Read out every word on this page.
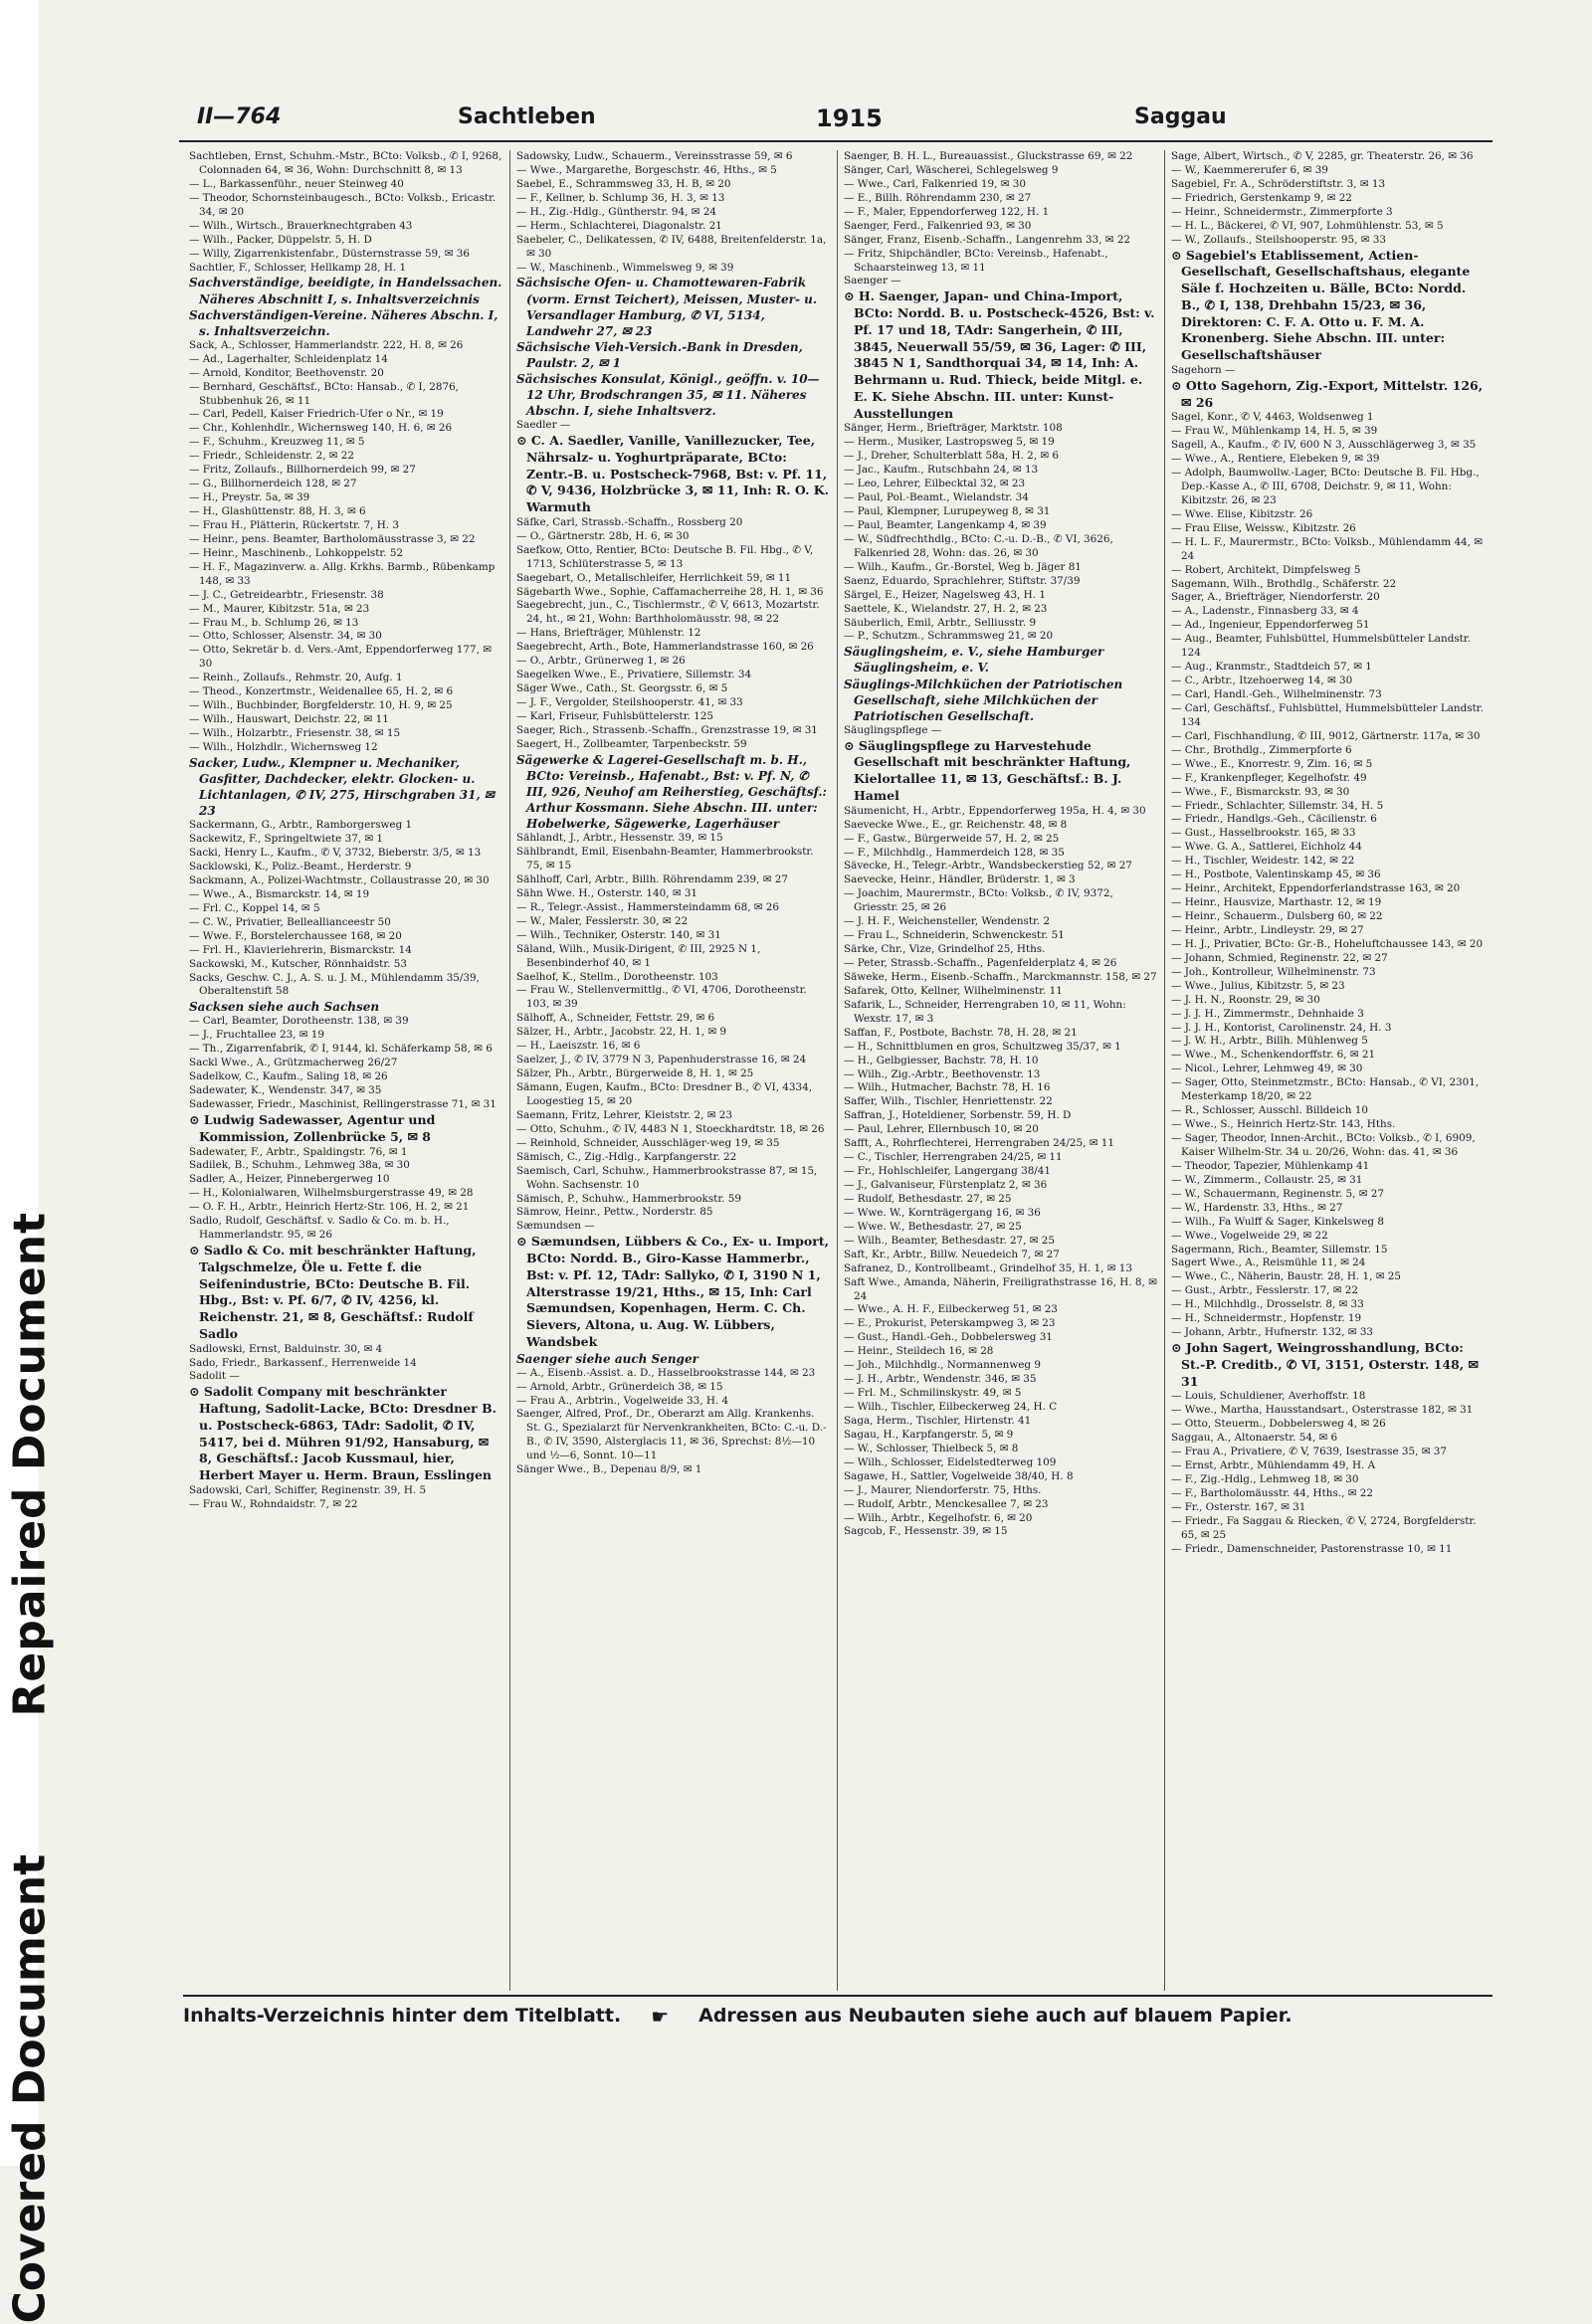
Repaired Document
Covered Document
II—764	Sachtleben	1915	Saggau

Sachtleben, Ernst, Schuhm.-Mstr., BCto: Volksb., ✆ I, 9268, Colonnaden 64, ✉ 36, Wohn: Durchschnitt 8, ✉ 13

— L., Barkassenführ., neuer Steinweg 40

— Theodor, Schornsteinbaugesch., BCto: Volksb., Ericastr. 34, ✉ 20

— Wilh., Wirtsch., Brauerknechtgraben 43

— Wilh., Packer, Düppelstr. 5, H. D

— Willy, Zigarrenkistenfabr., Düsternstrasse 59, ✉ 36

Sachtler, F., Schlosser, Hellkamp 28, H. 1

Sachverständige, beeidigte, in Handelssachen. Näheres Abschnitt I, s. Inhaltsverzeichnis

Sachverständigen-Vereine. Näheres Abschn. I, s. Inhaltsverzeichn.

Sack, A., Schlosser, Hammerlandstr. 222, H. 8, ✉ 26

— Ad., Lagerhalter, Schleidenplatz 14

— Arnold, Konditor, Beethovenstr. 20

— Bernhard, Geschäftsf., BCto: Hansab., ✆ I, 2876, Stubbenhuk 26, ✉ 11

— Carl, Pedell, Kaiser Friedrich-Ufer o Nr., ✉ 19

— Chr., Kohlenhdlr., Wichernsweg 140, H. 6, ✉ 26

— F., Schuhm., Kreuzweg 11, ✉ 5

— Friedr., Schleidenstr. 2, ✉ 22

— Fritz, Zollaufs., Billhornerdeich 99, ✉ 27

— G., Billhornerdeich 128, ✉ 27

— H., Preystr. 5a, ✉ 39

— H., Glashüttenstr. 88, H. 3, ✉ 6

— Frau H., Plätterin, Rückertstr. 7, H. 3

— Heinr., pens. Beamter, Bartholomäusstrasse 3, ✉ 22

— Heinr., Maschinenb., Lohkoppelstr. 52

— H. F., Magazinverw. a. Allg. Krkhs. Barmb., Rübenkamp 148, ✉ 33

— J. C., Getreidearbtr., Friesenstr. 38

— M., Maurer, Kibitzstr. 51a, ✉ 23

— Frau M., b. Schlump 26, ✉ 13

— Otto, Schlosser, Alsenstr. 34, ✉ 30

— Otto, Sekretär b. d. Vers.-Amt, Eppendorferweg 177, ✉ 30

— Reinh., Zollaufs., Rehmstr. 20, Aufg. 1

— Theod., Konzertmstr., Weidenallee 65, H. 2, ✉ 6

— Wilh., Buchbinder, Borgfelderstr. 10, H. 9, ✉ 25

— Wilh., Hauswart, Deichstr. 22, ✉ 11

— Wilh., Holzarbtr., Friesenstr. 38, ✉ 15

— Wilh., Holzhdlr., Wichernsweg 12

Sacker, Ludw., Klempner u. Mechaniker, Gasfitter, Dachdecker, elektr. Glocken- u. Lichtanlagen, ✆ IV, 275, Hirschgraben 31, ✉ 23

Sackermann, G., Arbtr., Ramborgersweg 1

Sackewitz, F., Springeltwiete 37, ✉ 1

Sacki, Henry L., Kaufm., ✆ V, 3732, Bieberstr. 3/5, ✉ 13

Sacklowski, K., Poliz.-Beamt., Herderstr. 9

Sackmann, A., Polizei-Wachtmstr., Collaustrasse 20, ✉ 30

— Wwe., A., Bismarckstr. 14, ✉ 19

— Frl. C., Koppel 14, ✉ 5

— C. W., Privatier, Belleallianceestr 50

— Wwe. F., Borstelerchaussee 168, ✉ 20

— Frl. H., Klavierlehrerin, Bismarckstr. 14

Sackowski, M., Kutscher, Rönnhaidstr. 53

Sacks, Geschw. C. J., A. S. u. J. M., Mühlendamm 35/39, Oberaltenstift 58

Sacksen siehe auch Sachsen

— Carl, Beamter, Dorotheenstr. 138, ✉ 39

— J., Fruchtallee 23, ✉ 19

— Th., Zigarrenfabrik, ✆ I, 9144, kl. Schäferkamp 58, ✉ 6

Sackl Wwe., A., Grützmacherweg 26/27

Sadelkow, C., Kaufm., Saling 18, ✉ 26

Sadewater, K., Wendenstr. 347, ✉ 35

Sadewasser, Friedr., Maschinist, Rellingerstrasse 71, ✉ 31

⊙ Ludwig Sadewasser, Agentur und Kommission, Zollenbrücke 5, ✉ 8

Sadewater, F., Arbtr., Spaldingstr. 76, ✉ 1

Sadilek, B., Schuhm., Lehmweg 38a, ✉ 30

Sadler, A., Heizer, Pinnebergerweg 10

— H., Kolonialwaren, Wilhelmsburgerstrasse 49, ✉ 28

— O. F. H., Arbtr., Heinrich Hertz-Str. 106, H. 2, ✉ 21

Sadlo, Rudolf, Geschäftsf. v. Sadlo & Co. m. b. H., Hammerlandstr. 95, ✉ 26

⊙ Sadlo & Co. mit beschränkter Haftung, Talgschmelze, Öle u. Fette f. die Seifenindustrie, BCto: Deutsche B. Fil. Hbg., Bst: v. Pf. 6/7, ✆ IV, 4256, kl. Reichenstr. 21, ✉ 8, Geschäftsf.: Rudolf Sadlo

Sadlowski, Ernst, Balduinstr. 30, ✉ 4

Sado, Friedr., Barkassenf., Herrenweide 14

Sadolit —

⊙ Sadolit Company mit beschränkter Haftung, Sadolit-Lacke, BCto: Dresdner B. u. Postscheck-6863, TAdr: Sadolit, ✆ IV, 5417, bei d. Mühren 91/92, Hansaburg, ✉ 8, Geschäftsf.: Jacob Kussmaul, hier, Herbert Mayer u. Herm. Braun, Esslingen

Sadowski, Carl, Schiffer, Reginenstr. 39, H. 5

— Frau W., Rohndaidstr. 7, ✉ 22

Sadowsky, Ludw., Schauerm., Vereinsstrasse 59, ✉ 6

— Wwe., Margarethe, Borgeschstr. 46, Hths., ✉ 5

Saebel, E., Schrammsweg 33, H. B, ✉ 20

— F., Kellner, b. Schlump 36, H. 3, ✉ 13

— H., Zig.-Hdlg., Güntherstr. 94, ✉ 24

— Herm., Schlachterei, Diagonalstr. 21

Saebeler, C., Delikatessen, ✆ IV, 6488, Breitenfelderstr. 1a, ✉ 30

— W., Maschinenb., Wimmelsweg 9, ✉ 39

Sächsische Ofen- u. Chamottewaren-Fabrik (vorm. Ernst Teichert), Meissen, Muster- u. Versandlager Hamburg, ✆ VI, 5134, Landwehr 27, ✉ 23

Sächsische Vieh-Versich.-Bank in Dresden, Paulstr. 2, ✉ 1

Sächsisches Konsulat, Königl., geöffn. v. 10—12 Uhr, Brodschrangen 35, ✉ 11. Näheres Abschn. I, siehe Inhaltsverz.

Saedler —

⊙ C. A. Saedler, Vanille, Vanillezucker, Tee, Nährsalz- u. Yoghurtpräparate, BCto: Zentr.-B. u. Postscheck-7968, Bst: v. Pf. 11, ✆ V, 9436, Holzbrücke 3, ✉ 11, Inh: R. O. K. Warmuth

Säfke, Carl, Strassb.-Schaffn., Rossberg 20

— O., Gärtnerstr. 28b, H. 6, ✉ 30

Saefkow, Otto, Rentier, BCto: Deutsche B. Fil. Hbg., ✆ V, 1713, Schlüterstrasse 5, ✉ 13

Saegebart, O., Metallschleifer, Herrlichkeit 59, ✉ 11

Sägebarth Wwe., Sophie, Caffamacherreihe 28, H. 1, ✉ 36

Saegebrecht, jun., C., Tischlermstr., ✆ V, 6613, Mozartstr. 24, ht., ✉ 21, Wohn: Barthholomäusstr. 98, ✉ 22

— Hans, Briefträger, Mühlenstr. 12

Saegebrecht, Arth., Bote, Hammerlandstrasse 160, ✉ 26

— O., Arbtr., Grünerweg 1, ✉ 26

Saegelken Wwe., E., Privatiere, Sillemstr. 34

Säger Wwe., Cath., St. Georgsstr. 6, ✉ 5

— J. F., Vergolder, Steilshooperstr. 41, ✉ 33

— Karl, Friseur, Fuhlsbüttelerstr. 125

Saeger, Rich., Strassenb.-Schaffn., Grenzstrasse 19, ✉ 31

Saegert, H., Zollbeamter, Tarpenbeckstr. 59

Sägewerke & Lagerei-Gesellschaft m. b. H., BCto: Vereinsb., Hafenabt., Bst: v. Pf. N, ✆ III, 926, Neuhof am Reiherstieg, Geschäftsf.: Arthur Kossmann. Siehe Abschn. III. unter: Hobelwerke, Sägewerke, Lagerhäuser

Sählandt, J., Arbtr., Hessenstr. 39, ✉ 15

Sählbrandt, Emil, Eisenbahn-Beamter, Hammerbrookstr. 75, ✉ 15

Sählhoff, Carl, Arbtr., Billh. Röhrendamm 239, ✉ 27

Sähn Wwe. H., Osterstr. 140, ✉ 31

— R., Telegr.-Assist., Hammersteindamm 68, ✉ 26

— W., Maler, Fesslerstr. 30, ✉ 22

— Wilh., Techniker, Osterstr. 140, ✉ 31

Säland, Wilh., Musik-Dirigent, ✆ III, 2925 N 1, Besenbinderhof 40, ✉ 1

Saelhof, K., Stellm., Dorotheenstr. 103

— Frau W., Stellenvermittlg., ✆ VI, 4706, Dorotheenstr. 103, ✉ 39

Sälhoff, A., Schneider, Fettstr. 29, ✉ 6

Sälzer, H., Arbtr., Jacobstr. 22, H. 1, ✉ 9

— H., Laeiszstr. 16, ✉ 6

Saelzer, J., ✆ IV, 3779 N 3, Papenhuderstrasse 16, ✉ 24

Sälzer, Ph., Arbtr., Bürgerweide 8, H. 1, ✉ 25

Sämann, Eugen, Kaufm., BCto: Dresdner B., ✆ VI, 4334, Loogestieg 15, ✉ 20

Saemann, Fritz, Lehrer, Kleiststr. 2, ✉ 23

— Otto, Schuhm., ✆ IV, 4483 N 1, Stoeckhardtstr. 18, ✉ 26

— Reinhold, Schneider, Ausschläger-weg 19, ✉ 35

Sämisch, C., Zig.-Hdlg., Karpfangerstr. 22

Saemisch, Carl, Schuhw., Hammerbrookstrasse 87, ✉ 15, Wohn. Sachsenstr. 10

Sämisch, P., Schuhw., Hammerbrookstr. 59

Sämrow, Heinr., Pettw., Norderstr. 85

Sæmundsen —

⊙ Sæmundsen, Lübbers & Co., Ex- u. Import, BCto: Nordd. B., Giro-Kasse Hammerbr., Bst: v. Pf. 12, TAdr: Sallyko, ✆ I, 3190 N 1, Alterstrasse 19/21, Hths., ✉ 15, Inh: Carl Sæmundsen, Kopenhagen, Herm. C. Ch. Sievers, Altona, u. Aug. W. Lübbers, Wandsbek

Saenger siehe auch Senger

— A., Eisenb.-Assist. a. D., Hasselbrookstrasse 144, ✉ 23

— Arnold, Arbtr., Grünerdeich 38, ✉ 15

— Frau A., Arbtrin., Vogelweide 33, H. 4

Saenger, Alfred, Prof., Dr., Oberarzt am Allg. Krankenhs. St. G., Spezialarzt für Nervenkrankheiten, BCto: C.-u. D.-B., ✆ IV, 3590, Alsterglacis 11, ✉ 36, Sprechst: 8½—10 und ½—6, Sonnt. 10—11

Sänger Wwe., B., Depenau 8/9, ✉ 1

Saenger, B. H. L., Bureauassist., Gluckstrasse 69, ✉ 22

Sänger, Carl, Wäscherei, Schlegelsweg 9

— Wwe., Carl, Falkenried 19, ✉ 30

— E., Billh. Röhrendamm 230, ✉ 27

— F., Maler, Eppendorferweg 122, H. 1

Saenger, Ferd., Falkenried 93, ✉ 30

Sänger, Franz, Eisenb.-Schaffn., Langenrehm 33, ✉ 22

— Fritz, Shipchändler, BCto: Vereinsb., Hafenabt., Schaarsteinweg 13, ✉ 11

Saenger —

⊙ H. Saenger, Japan- und China-Import, BCto: Nordd. B. u. Postscheck-4526, Bst: v. Pf. 17 und 18, TAdr: Sangerhein, ✆ III, 3845, Neuerwall 55/59, ✉ 36, Lager: ✆ III, 3845 N 1, Sandthorquai 34, ✉ 14, Inh: A. Behrmann u. Rud. Thieck, beide Mitgl. e. E. K. Siehe Abschn. III. unter: Kunst-Ausstellungen

Sänger, Herm., Briefträger, Marktstr. 108

— Herm., Musiker, Lastropsweg 5, ✉ 19

— J., Dreher, Schulterblatt 58a, H. 2, ✉ 6

— Jac., Kaufm., Rutschbahn 24, ✉ 13

— Leo, Lehrer, Eilbecktal 32, ✉ 23

— Paul, Pol.-Beamt., Wielandstr. 34

— Paul, Klempner, Lurupeyweg 8, ✉ 31

— Paul, Beamter, Langenkamp 4, ✉ 39

— W., Südfrechthdlg., BCto: C.-u. D.-B., ✆ VI, 3626, Falkenried 28, Wohn: das. 26, ✉ 30

— Wilh., Kaufm., Gr.-Borstel, Weg b. Jäger 81

Saenz, Eduardo, Sprachlehrer, Stiftstr. 37/39

Särgel, E., Heizer, Nagelsweg 43, H. 1

Saettele, K., Wielandstr. 27, H. 2, ✉ 23

Säuberlich, Emil, Arbtr., Selliusstr. 9

— P., Schutzm., Schrammsweg 21, ✉ 20

Säuglingsheim, e. V., siehe Hamburger Säuglingsheim, e. V.

Säuglings-Milchküchen der Patriotischen Gesellschaft, siehe Milchküchen der Patriotischen Gesellschaft.

Säuglingspflege —

⊙ Säuglingspflege zu Harvestehude Gesellschaft mit beschränkter Haftung, Kielortallee 11, ✉ 13, Geschäftsf.: B. J. Hamel

Säumenicht, H., Arbtr., Eppendorferweg 195a, H. 4, ✉ 30

Saevecke Wwe., E., gr. Reichenstr. 48, ✉ 8

— F., Gastw., Bürgerweide 57, H. 2, ✉ 25

— F., Milchhdlg., Hammerdeich 128, ✉ 35

Sävecke, H., Telegr.-Arbtr., Wandsbeckerstieg 52, ✉ 27

Saevecke, Heinr., Händler, Brüderstr. 1, ✉ 3

— Joachim, Maurermstr., BCto: Volksb., ✆ IV, 9372, Griesstr. 25, ✉ 26

— J. H. F., Weichensteller, Wendenstr. 2

— Frau L., Schneiderin, Schwenckestr. 51

Särke, Chr., Vize, Grindelhof 25, Hths.

— Peter, Strassb.-Schaffn., Pagenfelderplatz 4, ✉ 26

Säweke, Herm., Eisenb.-Schaffn., Marckmannstr. 158, ✉ 27

Safarek, Otto, Kellner, Wilhelminenstr. 11

Safarik, L., Schneider, Herrengraben 10, ✉ 11, Wohn: Wexstr. 17, ✉ 3

Saffan, F., Postbote, Bachstr. 78, H. 28, ✉ 21

— H., Schnittblumen en gros, Schultzweg 35/37, ✉ 1

— H., Gelbgiesser, Bachstr. 78, H. 10

— Wilh., Zig.-Arbtr., Beethovenstr. 13

— Wilh., Hutmacher, Bachstr. 78, H. 16

Saffer, Wilh., Tischler, Henriettenstr. 22

Saffran, J., Hoteldiener, Sorbenstr. 59, H. D

— Paul, Lehrer, Ellernbusch 10, ✉ 20

Safft, A., Rohrflechterei, Herrengraben 24/25, ✉ 11

— C., Tischler, Herrengraben 24/25, ✉ 11

— Fr., Hohlschleifer, Langergang 38/41

— J., Galvaniseur, Fürstenplatz 2, ✉ 36

— Rudolf, Bethesdastr. 27, ✉ 25

— Wwe. W., Kornträgergang 16, ✉ 36

— Wwe. W., Bethesdastr. 27, ✉ 25

— Wilh., Beamter, Bethesdastr. 27, ✉ 25

Saft, Kr., Arbtr., Billw. Neuedeich 7, ✉ 27

Safranez, D., Kontrollbeamt., Grindelhof 35, H. 1, ✉ 13

Saft Wwe., Amanda, Näherin, Freiligrathstrasse 16, H. 8, ✉ 24

— Wwe., A. H. F., Eilbeckerweg 51, ✉ 23

— E., Prokurist, Peterskampweg 3, ✉ 23

— Gust., Handl.-Geh., Dobbelersweg 31

— Heinr., Steildech 16, ✉ 28

— Joh., Milchhdlg., Normannenweg 9

— J. H., Arbtr., Wendenstr. 346, ✉ 35

— Frl. M., Schmilinskystr. 49, ✉ 5

— Wilh., Tischler, Eilbeckerweg 24, H. C

Saga, Herm., Tischler, Hirtenstr. 41

Sagau, H., Karpfangerstr. 5, ✉ 9

— W., Schlosser, Thielbeck 5, ✉ 8

— Wilh., Schlosser, Eidelstedterweg 109

Sagawe, H., Sattler, Vogelweide 38/40, H. 8

— J., Maurer, Niendorferstr. 75, Hths.

— Rudolf, Arbtr., Menckesallee 7, ✉ 23

— Wilh., Arbtr., Kegelhofstr. 6, ✉ 20

Sagcob, F., Hessenstr. 39, ✉ 15

Sage, Albert, Wirtsch., ✆ V, 2285, gr. Theaterstr. 26, ✉ 36

— W., Kaemmererufer 6, ✉ 39

Sagebiel, Fr. A., Schröderstiftstr. 3, ✉ 13

— Friedrich, Gerstenkamp 9, ✉ 22

— Heinr., Schneidermstr., Zimmerpforte 3

— H. L., Bäckerei, ✆ VI, 907, Lohmühlenstr. 53, ✉ 5

— W., Zollaufs., Steilshooperstr. 95, ✉ 33

⊙ Sagebiel's Etablissement, Actien-Gesellschaft, Gesellschaftshaus, elegante Säle f. Hochzeiten u. Bälle, BCto: Nordd. B., ✆ I, 138, Drehbahn 15/23, ✉ 36, Direktoren: C. F. A. Otto u. F. M. A. Kronenberg. Siehe Abschn. III. unter: Gesellschaftshäuser

Sagehorn —

⊙ Otto Sagehorn, Zig.-Export, Mittelstr. 126, ✉ 26

Sagel, Konr., ✆ V, 4463, Woldsenweg 1

— Frau W., Mühlenkamp 14, H. 5, ✉ 39

Sagell, A., Kaufm., ✆ IV, 600 N 3, Ausschlägerweg 3, ✉ 35

— Wwe., A., Rentiere, Elebeken 9, ✉ 39

— Adolph, Baumwollw.-Lager, BCto: Deutsche B. Fil. Hbg., Dep.-Kasse A., ✆ III, 6708, Deichstr. 9, ✉ 11, Wohn: Kibitzstr. 26, ✉ 23

— Wwe. Elise, Kibitzstr. 26

— Frau Elise, Weissw., Kibitzstr. 26

— H. L. F., Maurermstr., BCto: Volksb., Mühlendamm 44, ✉ 24

— Robert, Architekt, Dimpfelsweg 5

Sagemann, Wilh., Brothdlg., Schäferstr. 22

Sager, A., Briefträger, Niendorferstr. 20

— A., Ladenstr., Finnasberg 33, ✉ 4

— Ad., Ingenieur, Eppendorferweg 51

— Aug., Beamter, Fuhlsbüttel, Hummelsbütteler Landstr. 124

— Aug., Kranmstr., Stadtdeich 57, ✉ 1

— C., Arbtr., Itzehoerweg 14, ✉ 30

— Carl, Handl.-Geh., Wilhelminenstr. 73

— Carl, Geschäftsf., Fuhlsbüttel, Hummelsbütteler Landstr. 134

— Carl, Fischhandlung, ✆ III, 9012, Gärtnerstr. 117a, ✉ 30

— Chr., Brothdlg., Zimmerpforte 6

— Wwe., E., Knorrestr. 9, Zim. 16, ✉ 5

— F., Krankenpfleger, Kegelhofstr. 49

— Wwe., F., Bismarckstr. 93, ✉ 30

— Friedr., Schlachter, Sillemstr. 34, H. 5

— Friedr., Handlgs.-Geh., Cäcilienstr. 6

— Gust., Hasselbrookstr. 165, ✉ 33

— Wwe. G. A., Sattlerei, Eichholz 44

— H., Tischler, Weidestr. 142, ✉ 22

— H., Postbote, Valentinskamp 45, ✉ 36

— Heinr., Architekt, Eppendorferlandstrasse 163, ✉ 20

— Heinr., Hausvize, Marthastr. 12, ✉ 19

— Heinr., Schauerm., Dulsberg 60, ✉ 22

— Heinr., Arbtr., Lindleystr. 29, ✉ 27

— H. J., Privatier, BCto: Gr.-B., Hoheluftchaussee 143, ✉ 20

— Johann, Schmied, Reginenstr. 22, ✉ 27

— Joh., Kontrolleur, Wilhelminenstr. 73

— Wwe., Julius, Kibitzstr. 5, ✉ 23

— J. H. N., Roonstr. 29, ✉ 30

— J. J. H., Zimmermstr., Dehnhaide 3

— J. J. H., Kontorist, Carolinenstr. 24, H. 3

— J. W. H., Arbtr., Billh. Mühlenweg 5

— Wwe., M., Schenkendorffstr. 6, ✉ 21

— Nicol., Lehrer, Lehmweg 49, ✉ 30

— Sager, Otto, Steinmetzmstr., BCto: Hansab., ✆ VI, 2301, Mesterkamp 18/20, ✉ 22

— R., Schlosser, Ausschl. Billdeich 10

— Wwe., S., Heinrich Hertz-Str. 143, Hths.

— Sager, Theodor, Innen-Archit., BCto: Volksb., ✆ I, 6909, Kaiser Wilhelm-Str. 34 u. 20/26, Wohn: das. 41, ✉ 36

— Theodor, Tapezier, Mühlenkamp 41

— W., Zimmerm., Collaustr. 25, ✉ 31

— W., Schauermann, Reginenstr. 5, ✉ 27

— W., Hardenstr. 33, Hths., ✉ 27

— Wilh., Fa Wulff & Sager, Kinkelsweg 8

— Wwe., Vogelweide 29, ✉ 22

Sagermann, Rich., Beamter, Sillemstr. 15

Sagert Wwe., A., Reismühle 11, ✉ 24

— Wwe., C., Näherin, Baustr. 28, H. 1, ✉ 25

— Gust., Arbtr., Fesslerstr. 17, ✉ 22

— H., Milchhdlg., Drosselstr. 8, ✉ 33

— H., Schneidermstr., Hopfenstr. 19

— Johann, Arbtr., Hufnerstr. 132, ✉ 33

⊙ John Sagert, Weingrosshandlung, BCto: St.-P. Creditb., ✆ VI, 3151, Osterstr. 148, ✉ 31

— Louis, Schuldiener, Averhoffstr. 18

— Wwe., Martha, Hausstandsart., Osterstrasse 182, ✉ 31

— Otto, Steuerm., Dobbelersweg 4, ✉ 26

Saggau, A., Altonaerstr. 54, ✉ 6

— Frau A., Privatiere, ✆ V, 7639, Isestrasse 35, ✉ 37

— Ernst, Arbtr., Mühlendamm 49, H. A

— F., Zig.-Hdlg., Lehmweg 18, ✉ 30

— F., Bartholomäusstr. 44, Hths., ✉ 22

— Fr., Osterstr. 167, ✉ 31

— Friedr., Fa Saggau & Riecken, ✆ V, 2724, Borgfelderstr. 65, ✉ 25

— Friedr., Damenschneider, Pastorenstrasse 10, ✉ 11

Inhalts-Verzeichnis hinter dem Titelblatt. ☛ Adressen aus Neubauten siehe auch auf blauem Papier.
